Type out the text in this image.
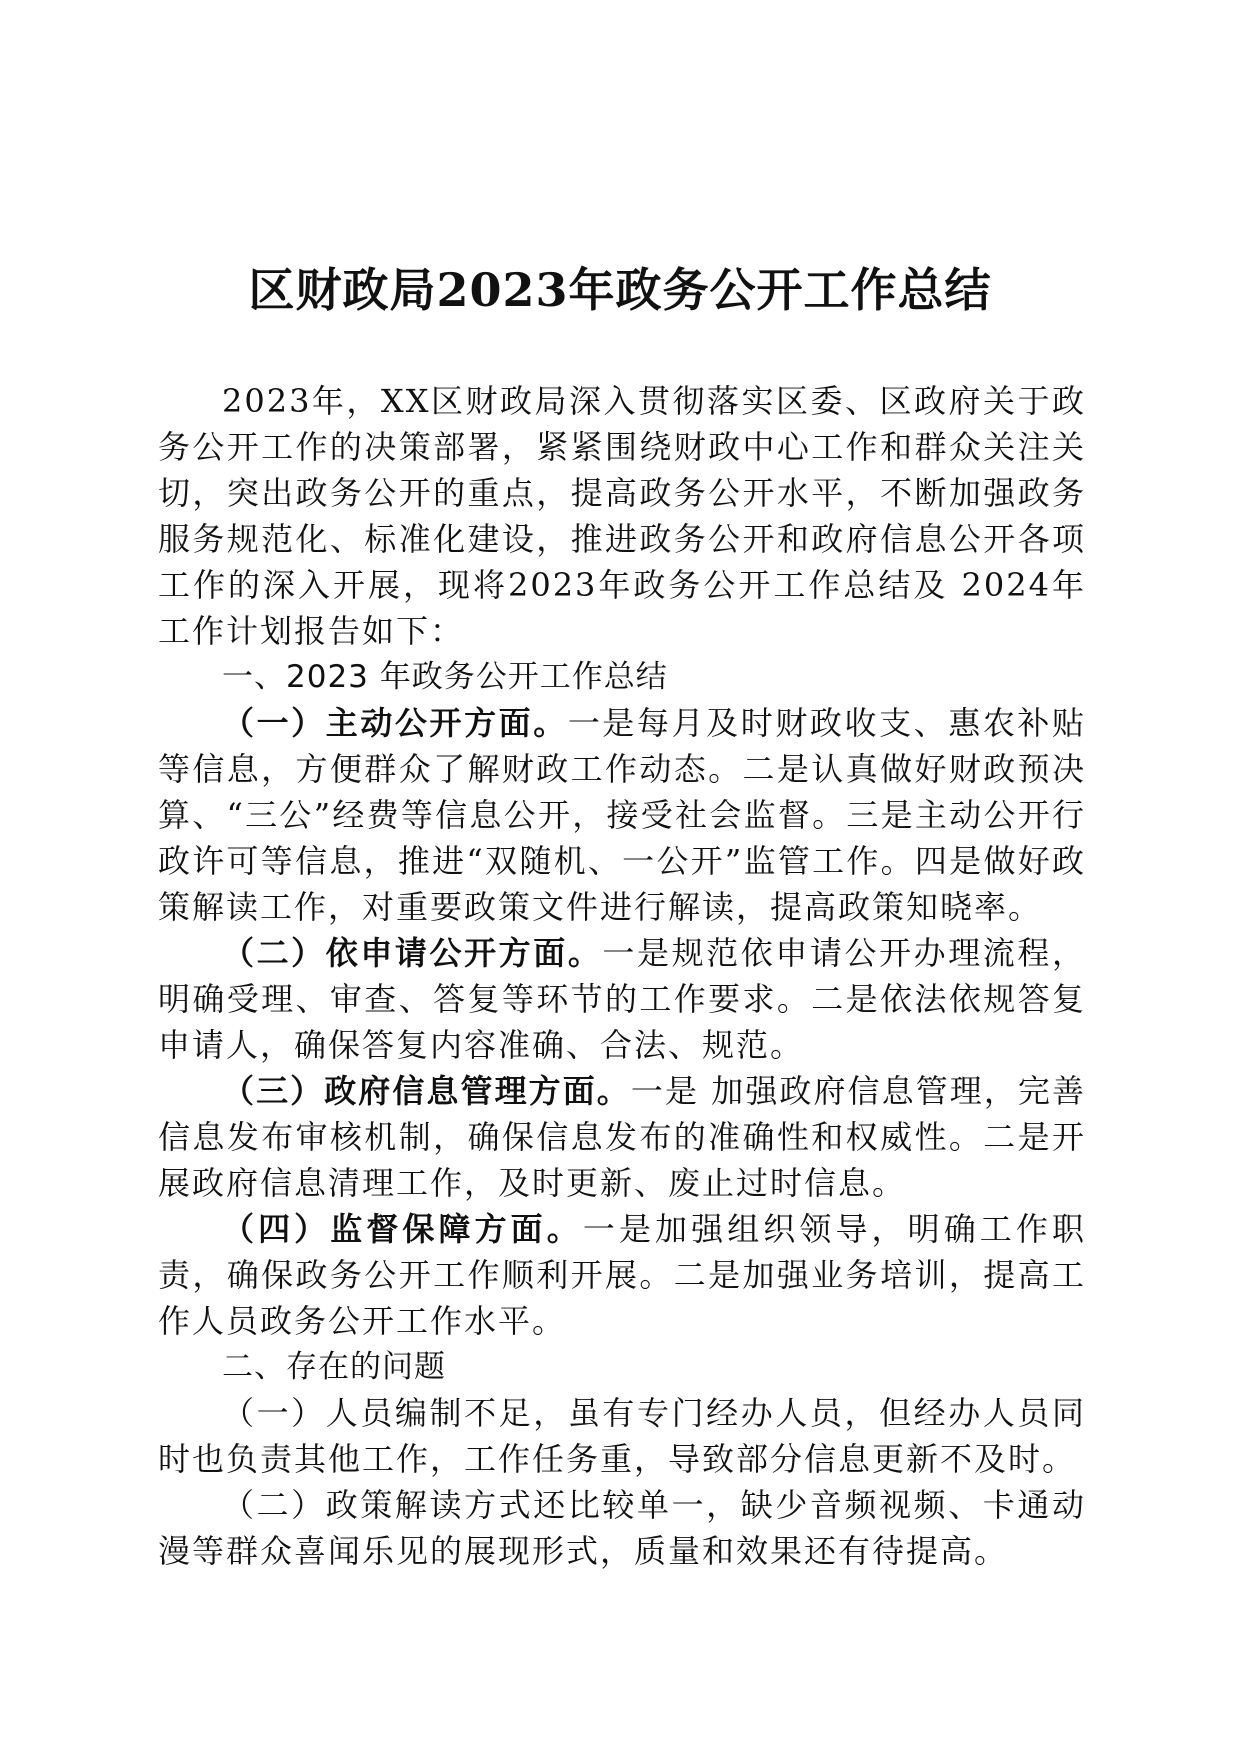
区财政局2023年政务公开工作总结

2023年，XX区财政局深入贯彻落实区委、区政府关于政务公开工作的决策部署，紧紧围绕财政中心工作和群众关注关切，突出政务公开的重点，提高政务公开水平，不断加强政务服务规范化、标准化建设，推进政务公开和政府信息公开各项工作的深入开展，现将2023年政务公开工作总结及 2024年工作计划报告如下：

一、2023 年政务公开工作总结

（一）主动公开方面。一是每月及时财政收支、惠农补贴等信息，方便群众了解财政工作动态。二是认真做好财政预决算、“三公”经费等信息公开，接受社会监督。三是主动公开行政许可等信息，推进“双随机、一公开”监管工作。四是做好政策解读工作，对重要政策文件进行解读，提高政策知晓率。

（二）依申请公开方面。一是规范依申请公开办理流程，明确受理、审查、答复等环节的工作要求。二是依法依规答复申请人，确保答复内容准确、合法、规范。

（三）政府信息管理方面。一是 加强政府信息管理，完善信息发布审核机制，确保信息发布的准确性和权威性。二是开展政府信息清理工作，及时更新、废止过时信息。

（四）监督保障方面。一是加强组织领导，明确工作职责，确保政务公开工作顺利开展。二是加强业务培训，提高工作人员政务公开工作水平。

二、存在的问题

（一）人员编制不足，虽有专门经办人员，但经办人员同时也负责其他工作，工作任务重，导致部分信息更新不及时。

（二）政策解读方式还比较单一，缺少音频视频、卡通动漫等群众喜闻乐见的展现形式，质量和效果还有待提高。
